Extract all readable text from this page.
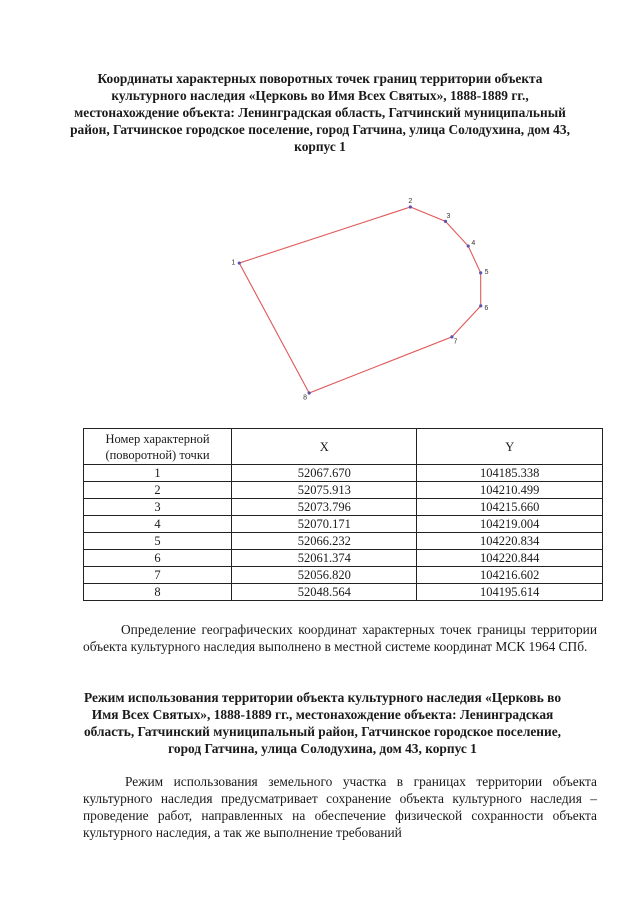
Координаты характерных поворотных точек границ территории объекта культурного наследия «Церковь во Имя Всех Святых», 1888-1889 гг., местонахождение объекта: Ленинградская область, Гатчинский муниципальный район, Гатчинское городское поселение, город Гатчина, улица Солодухина, дом 43, корпус 1
1
2
3
4
5
6
7
8
Номер характерной (поворотной) точки	X	Y
1	52067.670	104185.338
2	52075.913	104210.499
3	52073.796	104215.660
4	52070.171	104219.004
5	52066.232	104220.834
6	52061.374	104220.844
7	52056.820	104216.602
8	52048.564	104195.614
Определение географических координат характерных точек границы территории объекта культурного наследия выполнено в местной системе координат МСК 1964 СПб.
Режим использования территории объекта культурного наследия «Церковь во Имя Всех Святых», 1888-1889 гг., местонахождение объекта: Ленинградская область, Гатчинский муниципальный район, Гатчинское городское поселение, город Гатчина, улица Солодухина, дом 43, корпус 1
Режим использования земельного участка в границах территории объекта культурного наследия предусматривает сохранение объекта культурного наследия – проведение работ, направленных на обеспечение физической сохранности объекта культурного наследия, а так же выполнение требований
